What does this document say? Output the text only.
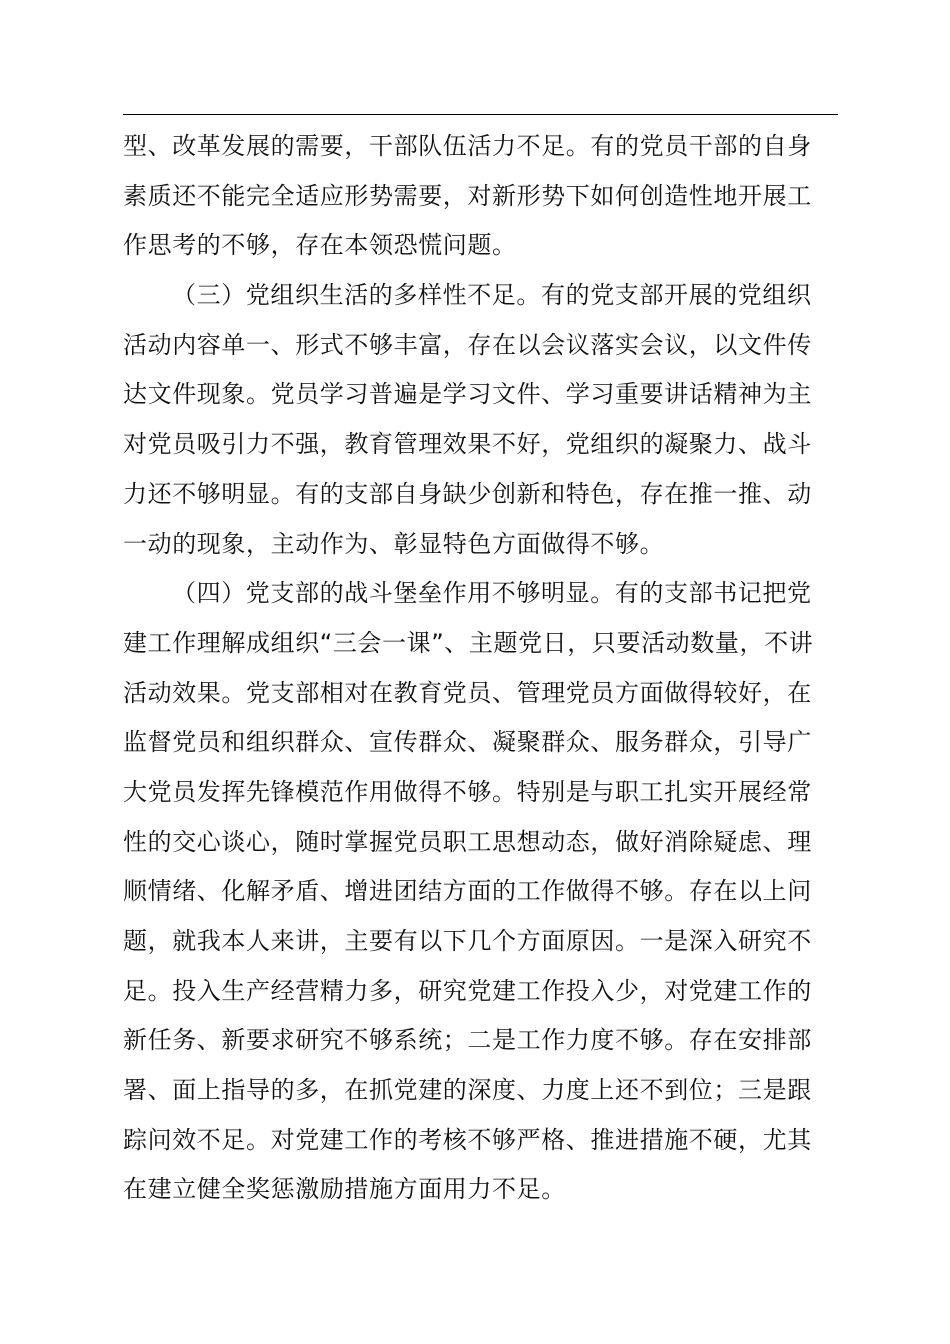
型、改革发展的需要，干部队伍活力不足。有的党员干部的自身
素质还不能完全适应形势需要，对新形势下如何创造性地开展工
作思考的不够，存在本领恐慌问题。
（三）党组织生活的多样性不足。有的党支部开展的党组织
活动内容单一、形式不够丰富，存在以会议落实会议，以文件传
达文件现象。党员学习普遍是学习文件、学习重要讲话精神为主
对党员吸引力不强，教育管理效果不好，党组织的凝聚力、战斗
力还不够明显。有的支部自身缺少创新和特色，存在推一推、动
一动的现象，主动作为、彰显特色方面做得不够。
（四）党支部的战斗堡垒作用不够明显。有的支部书记把党
建工作理解成组织“三会一课”、主题党日，只要活动数量，不讲
活动效果。党支部相对在教育党员、管理党员方面做得较好，在
监督党员和组织群众、宣传群众、凝聚群众、服务群众，引导广
大党员发挥先锋模范作用做得不够。特别是与职工扎实开展经常
性的交心谈心，随时掌握党员职工思想动态，做好消除疑虑、理
顺情绪、化解矛盾、增进团结方面的工作做得不够。存在以上问
题，就我本人来讲，主要有以下几个方面原因。一是深入研究不
足。投入生产经营精力多，研究党建工作投入少，对党建工作的
新任务、新要求研究不够系统；二是工作力度不够。存在安排部
署、面上指导的多，在抓党建的深度、力度上还不到位；三是跟
踪问效不足。对党建工作的考核不够严格、推进措施不硬，尤其
在建立健全奖惩激励措施方面用力不足。
